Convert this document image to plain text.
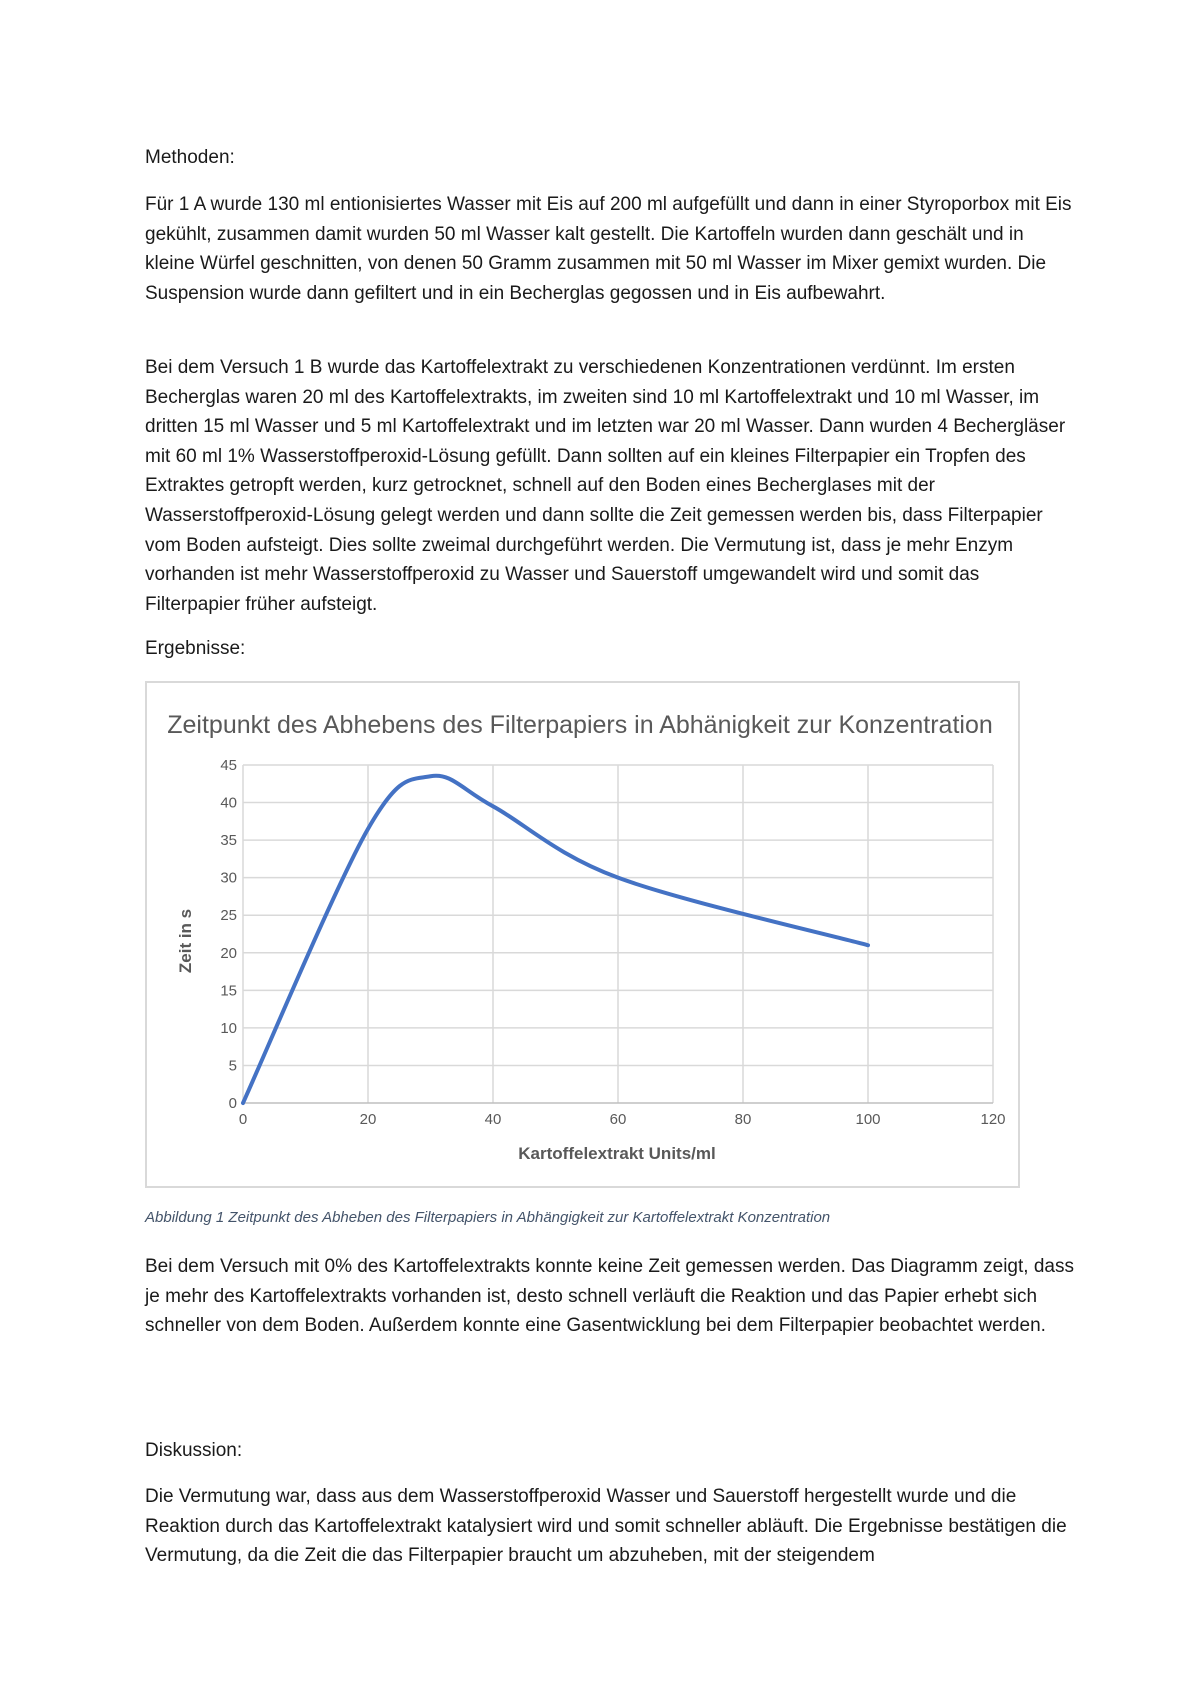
Methoden:

Für 1 A wurde 130 ml entionisiertes Wasser mit Eis auf 200 ml aufgefüllt und dann in einer Styroporbox mit Eis gekühlt, zusammen damit wurden 50 ml Wasser kalt gestellt. Die Kartoffeln wurden dann geschält und in kleine Würfel geschnitten, von denen 50 Gramm zusammen mit 50 ml Wasser im Mixer gemixt wurden. Die Suspension wurde dann gefiltert und in ein Becherglas gegossen und in Eis aufbewahrt.

Bei dem Versuch 1 B wurde das Kartoffelextrakt zu verschiedenen Konzentrationen verdünnt. Im ersten Becherglas waren 20 ml des Kartoffelextrakts, im zweiten sind 10 ml Kartoffelextrakt und 10 ml Wasser, im dritten 15 ml Wasser und 5 ml Kartoffelextrakt und im letzten war 20 ml Wasser. Dann wurden 4 Bechergläser mit 60 ml 1% Wasserstoffperoxid-Lösung gefüllt. Dann sollten auf ein kleines Filterpapier ein Tropfen des Extraktes getropft werden, kurz getrocknet, schnell auf den Boden eines Becherglases mit der Wasserstoffperoxid-Lösung gelegt werden und dann sollte die Zeit gemessen werden bis, dass Filterpapier vom Boden aufsteigt. Dies sollte zweimal durchgeführt werden. Die Vermutung ist, dass je mehr Enzym vorhanden ist mehr Wasserstoffperoxid zu Wasser und Sauerstoff umgewandelt wird und somit das Filterpapier früher aufsteigt.

Ergebnisse:

0
5
10
15
20
25
30
35
40
45
0	20	40	60	80	100	120
Zeitpunkt des Abhebens des Filterpapiers in Abhänigkeit zur Konzentration
Kartoffelextrakt Units/ml
Zeit in s
Abbildung 1 Zeitpunkt des Abheben des Filterpapiers in Abhängigkeit zur Kartoffelextrakt Konzentration

Bei dem Versuch mit 0% des Kartoffelextrakts konnte keine Zeit gemessen werden. Das Diagramm zeigt, dass je mehr des Kartoffelextrakts vorhanden ist, desto schnell verläuft die Reaktion und das Papier erhebt sich schneller von dem Boden. Außerdem konnte eine Gasentwicklung bei dem Filterpapier beobachtet werden.

Diskussion:

Die Vermutung war, dass aus dem Wasserstoffperoxid Wasser und Sauerstoff hergestellt wurde und die Reaktion durch das Kartoffelextrakt katalysiert wird und somit schneller abläuft. Die Ergebnisse bestätigen die Vermutung, da die Zeit die das Filterpapier braucht um abzuheben, mit der steigendem
